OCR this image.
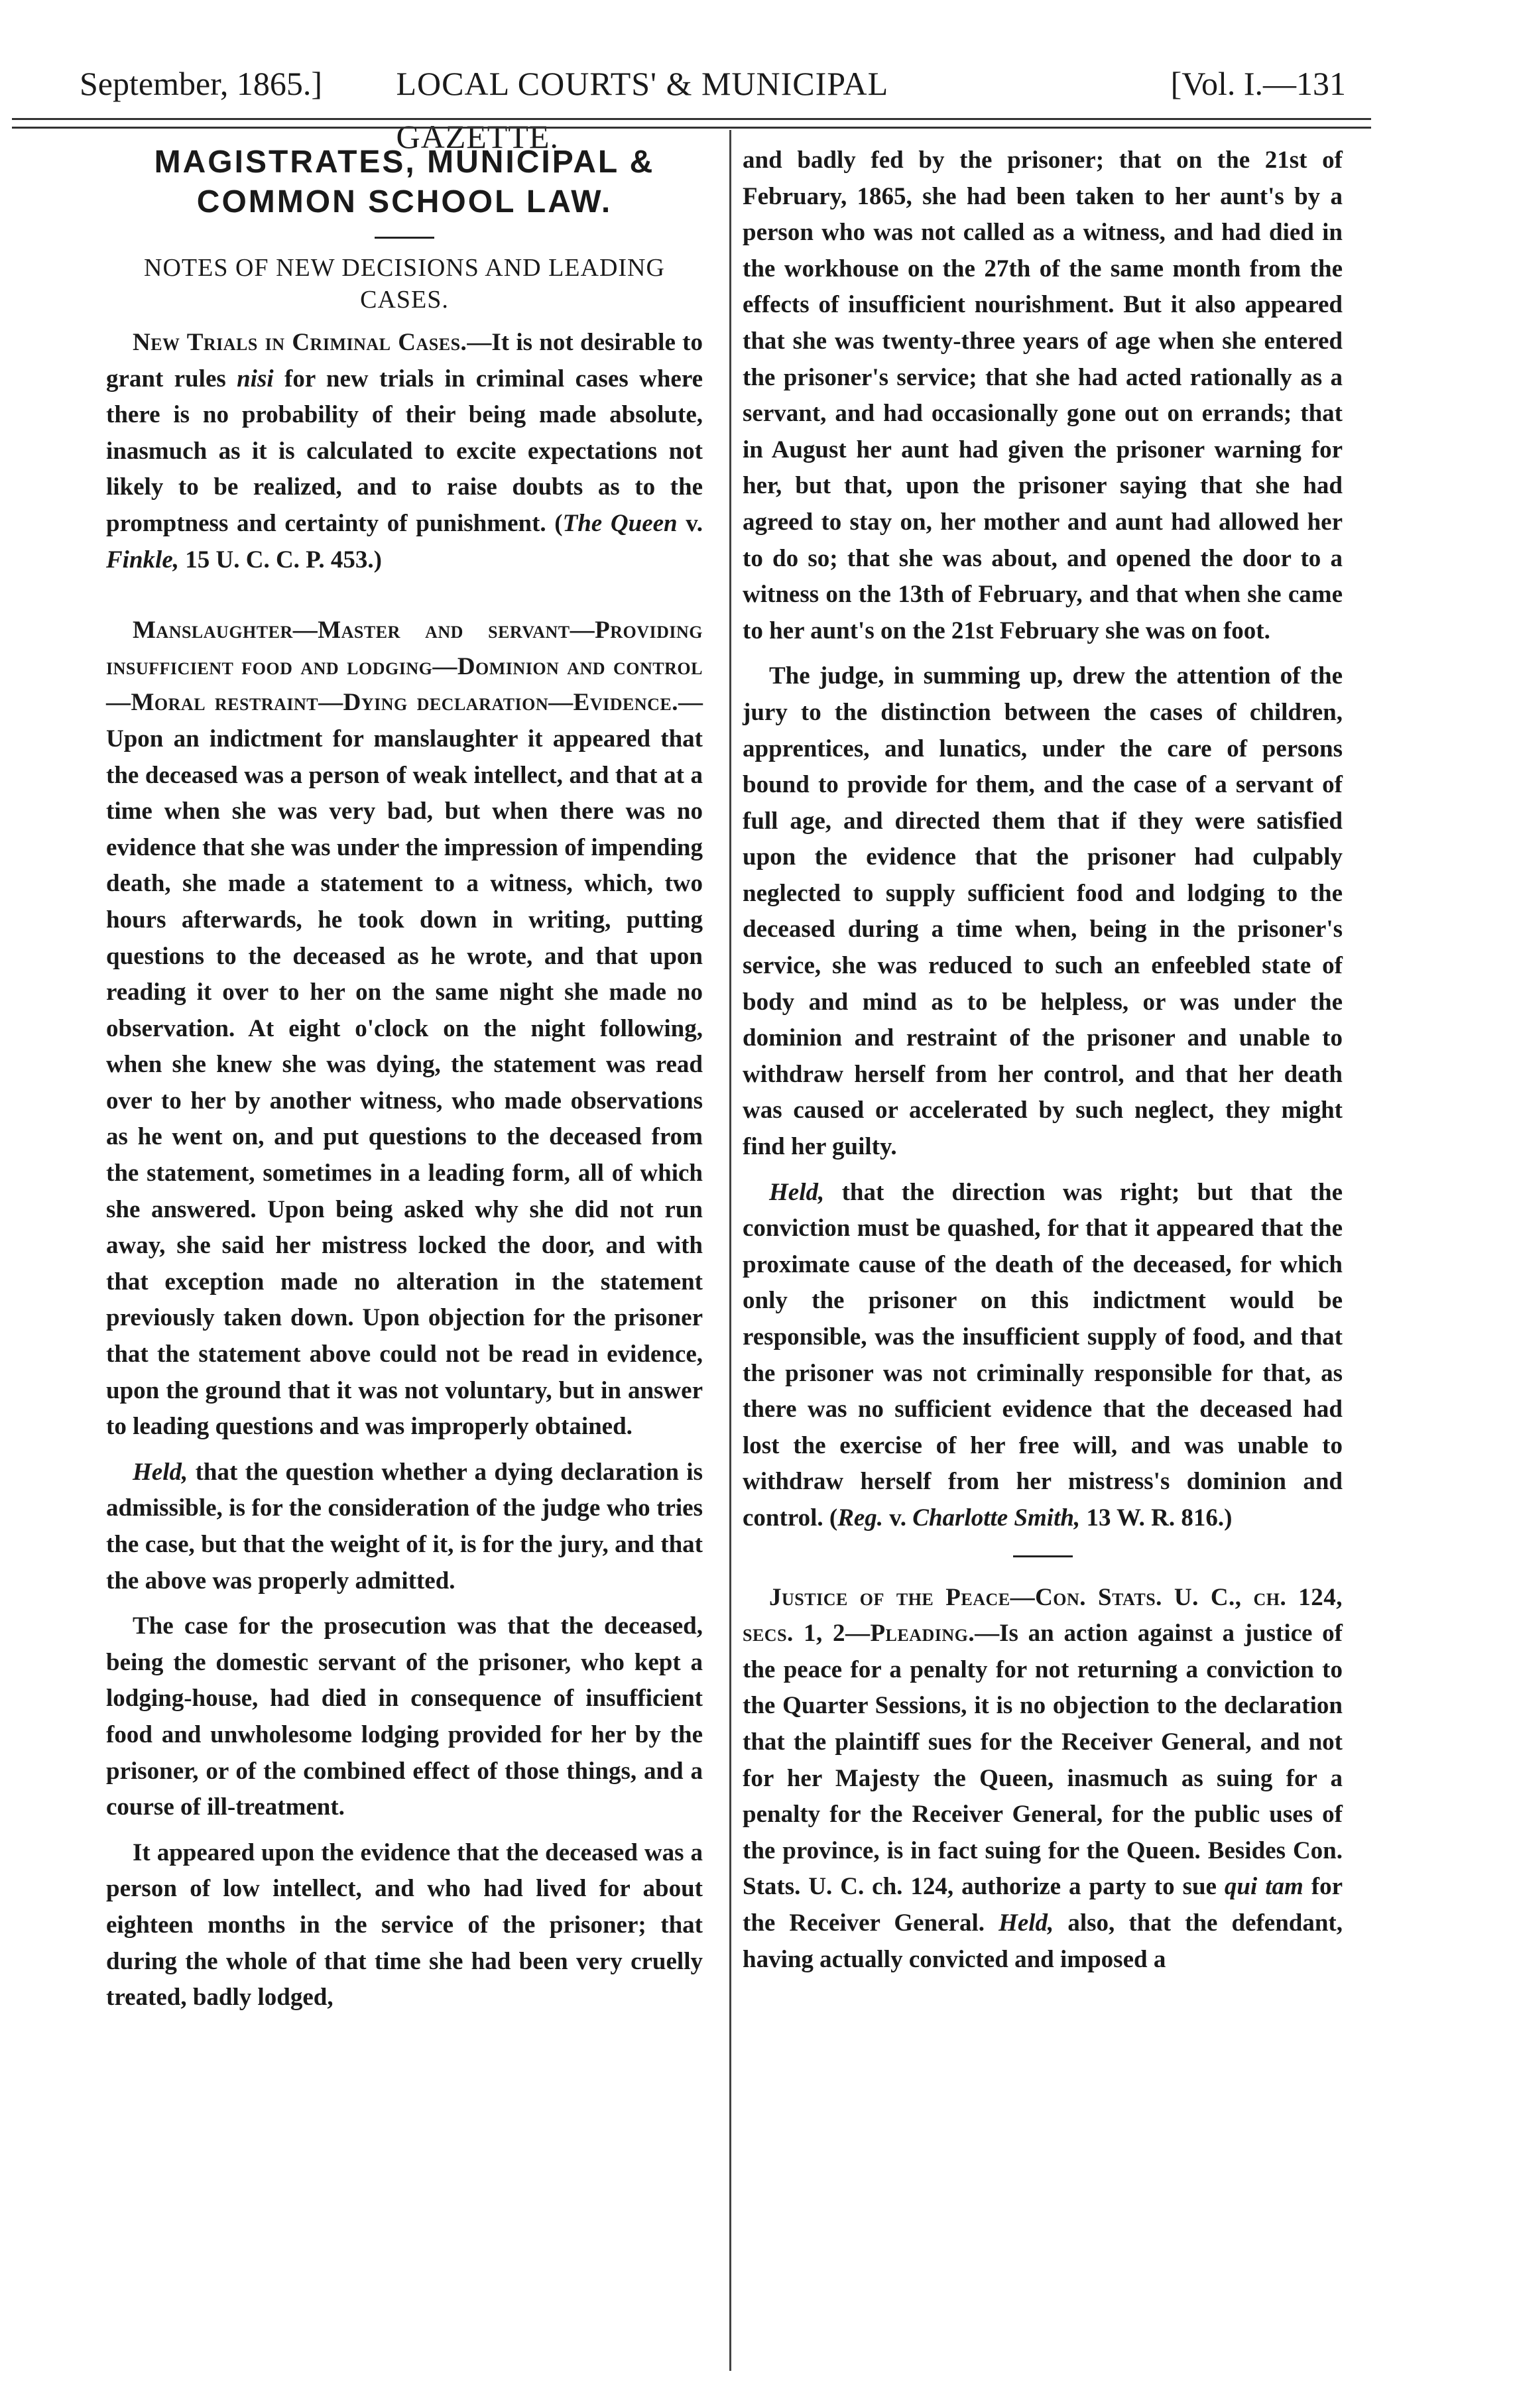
September, 1865.] LOCAL COURTS' & MUNICIPAL GAZETTE.
[Vol. I.—131
MAGISTRATES, MUNICIPAL &
COMMON SCHOOL LAW.

NOTES OF NEW DECISIONS AND LEADING CASES.

New Trials in Criminal Cases.—It is not desirable to grant rules nisi for new trials in criminal cases where there is no probability of their being made absolute, inasmuch as it is calculated to excite expectations not likely to be realized, and to raise doubts as to the promptness and certainty of punishment. (The Queen v. Finkle, 15 U. C. C. P. 453.)

Manslaughter—Master and servant—Providing insufficient food and lodging—Dominion and control—Moral restraint—Dying declaration—Evidence.—Upon an indictment for manslaughter it appeared that the deceased was a person of weak intellect, and that at a time when she was very bad, but when there was no evidence that she was under the impression of impending death, she made a statement to a witness, which, two hours afterwards, he took down in writing, putting questions to the deceased as he wrote, and that upon reading it over to her on the same night she made no observation. At eight o'clock on the night following, when she knew she was dying, the statement was read over to her by another witness, who made observations as he went on, and put questions to the deceased from the statement, sometimes in a leading form, all of which she answered. Upon being asked why she did not run away, she said her mistress locked the door, and with that exception made no alteration in the statement previously taken down. Upon objection for the prisoner that the statement above could not be read in evidence, upon the ground that it was not voluntary, but in answer to leading questions and was improperly obtained.

Held, that the question whether a dying declaration is admissible, is for the consideration of the judge who tries the case, but that the weight of it, is for the jury, and that the above was properly admitted.

The case for the prosecution was that the deceased, being the domestic servant of the prisoner, who kept a lodging-house, had died in consequence of insufficient food and unwholesome lodging provided for her by the prisoner, or of the combined effect of those things, and a course of ill-treatment.

It appeared upon the evidence that the deceased was a person of low intellect, and who had lived for about eighteen months in the service of the prisoner; that during the whole of that time she had been very cruelly treated, badly lodged,

and badly fed by the prisoner; that on the 21st of February, 1865, she had been taken to her aunt's by a person who was not called as a witness, and had died in the workhouse on the 27th of the same month from the effects of insufficient nourishment. But it also appeared that she was twenty-three years of age when she entered the prisoner's service; that she had acted rationally as a servant, and had occasionally gone out on errands; that in August her aunt had given the prisoner warning for her, but that, upon the prisoner saying that she had agreed to stay on, her mother and aunt had allowed her to do so; that she was about, and opened the door to a witness on the 13th of February, and that when she came to her aunt's on the 21st February she was on foot.

The judge, in summing up, drew the attention of the jury to the distinction between the cases of children, apprentices, and lunatics, under the care of persons bound to provide for them, and the case of a servant of full age, and directed them that if they were satisfied upon the evidence that the prisoner had culpably neglected to supply sufficient food and lodging to the deceased during a time when, being in the prisoner's service, she was reduced to such an enfeebled state of body and mind as to be helpless, or was under the dominion and restraint of the prisoner and unable to withdraw herself from her control, and that her death was caused or accelerated by such neglect, they might find her guilty.

Held, that the direction was right; but that the conviction must be quashed, for that it appeared that the proximate cause of the death of the deceased, for which only the prisoner on this indictment would be responsible, was the insufficient supply of food, and that the prisoner was not criminally responsible for that, as there was no sufficient evidence that the deceased had lost the exercise of her free will, and was unable to withdraw herself from her mistress's dominion and control. (Reg. v. Charlotte Smith, 13 W. R. 816.)

Justice of the Peace—Con. Stats. U. C., ch. 124, secs. 1, 2—Pleading.—Is an action against a justice of the peace for a penalty for not returning a conviction to the Quarter Sessions, it is no objection to the declaration that the plaintiff sues for the Receiver General, and not for her Majesty the Queen, inasmuch as suing for a penalty for the Receiver General, for the public uses of the province, is in fact suing for the Queen. Besides Con. Stats. U. C. ch. 124, authorize a party to sue qui tam for the Receiver General. Held, also, that the defendant, having actually convicted and imposed a
